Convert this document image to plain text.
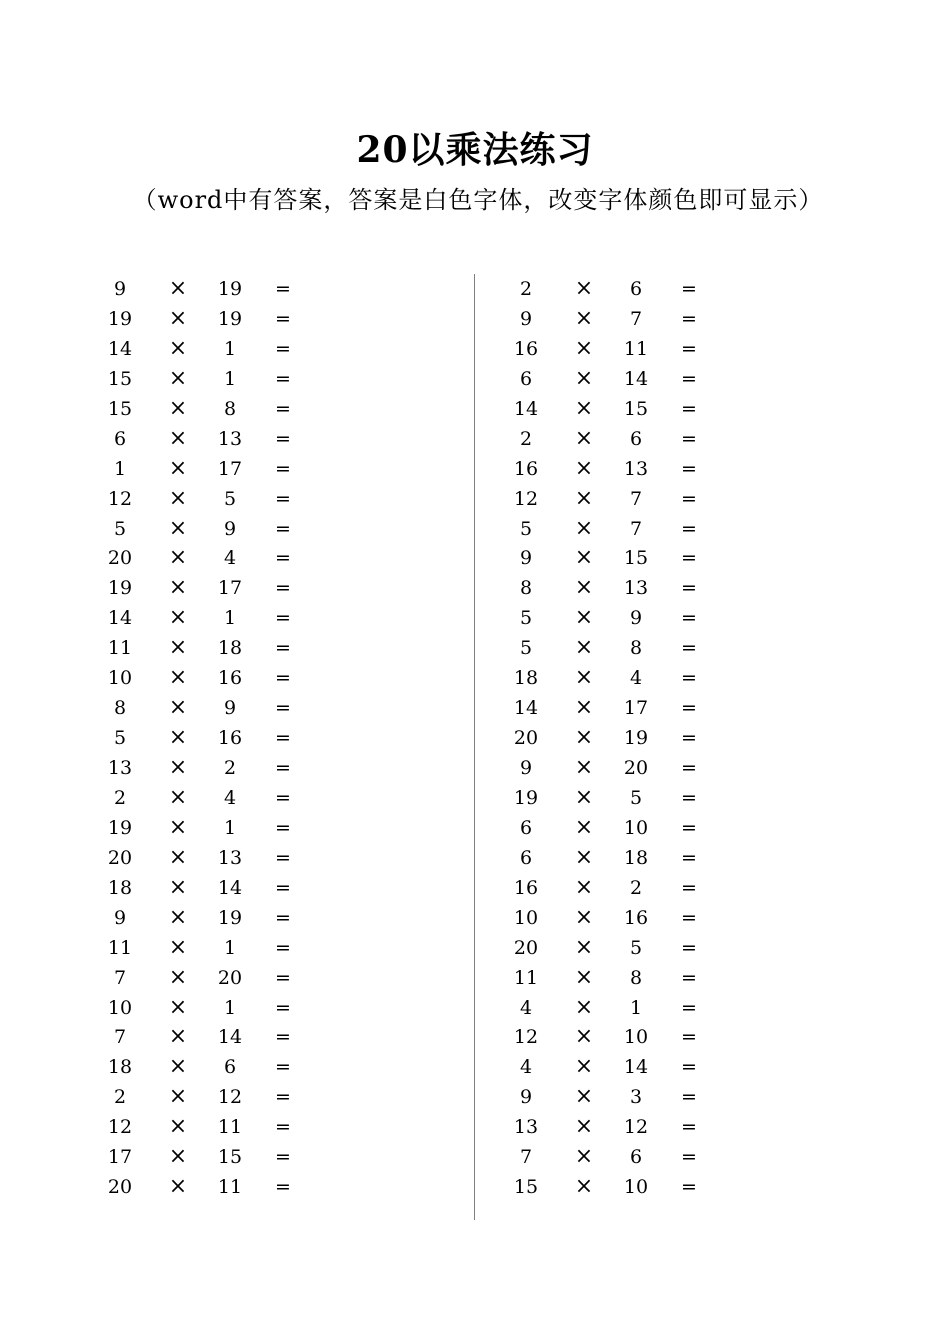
20以乘法练习
（word中有答案，答案是白色字体，改变字体颜色即可显示）
9	×	19	=
19	×	19	=
14	×	1	=
15	×	1	=
15	×	8	=
6	×	13	=
1	×	17	=
12	×	5	=
5	×	9	=
20	×	4	=
19	×	17	=
14	×	1	=
11	×	18	=
10	×	16	=
8	×	9	=
5	×	16	=
13	×	2	=
2	×	4	=
19	×	1	=
20	×	13	=
18	×	14	=
9	×	19	=
11	×	1	=
7	×	20	=
10	×	1	=
7	×	14	=
18	×	6	=
2	×	12	=
12	×	11	=
17	×	15	=
20	×	11	=
2	×	6	=
9	×	7	=
16	×	11	=
6	×	14	=
14	×	15	=
2	×	6	=
16	×	13	=
12	×	7	=
5	×	7	=
9	×	15	=
8	×	13	=
5	×	9	=
5	×	8	=
18	×	4	=
14	×	17	=
20	×	19	=
9	×	20	=
19	×	5	=
6	×	10	=
6	×	18	=
16	×	2	=
10	×	16	=
20	×	5	=
11	×	8	=
4	×	1	=
12	×	10	=
4	×	14	=
9	×	3	=
13	×	12	=
7	×	6	=
15	×	10	=
